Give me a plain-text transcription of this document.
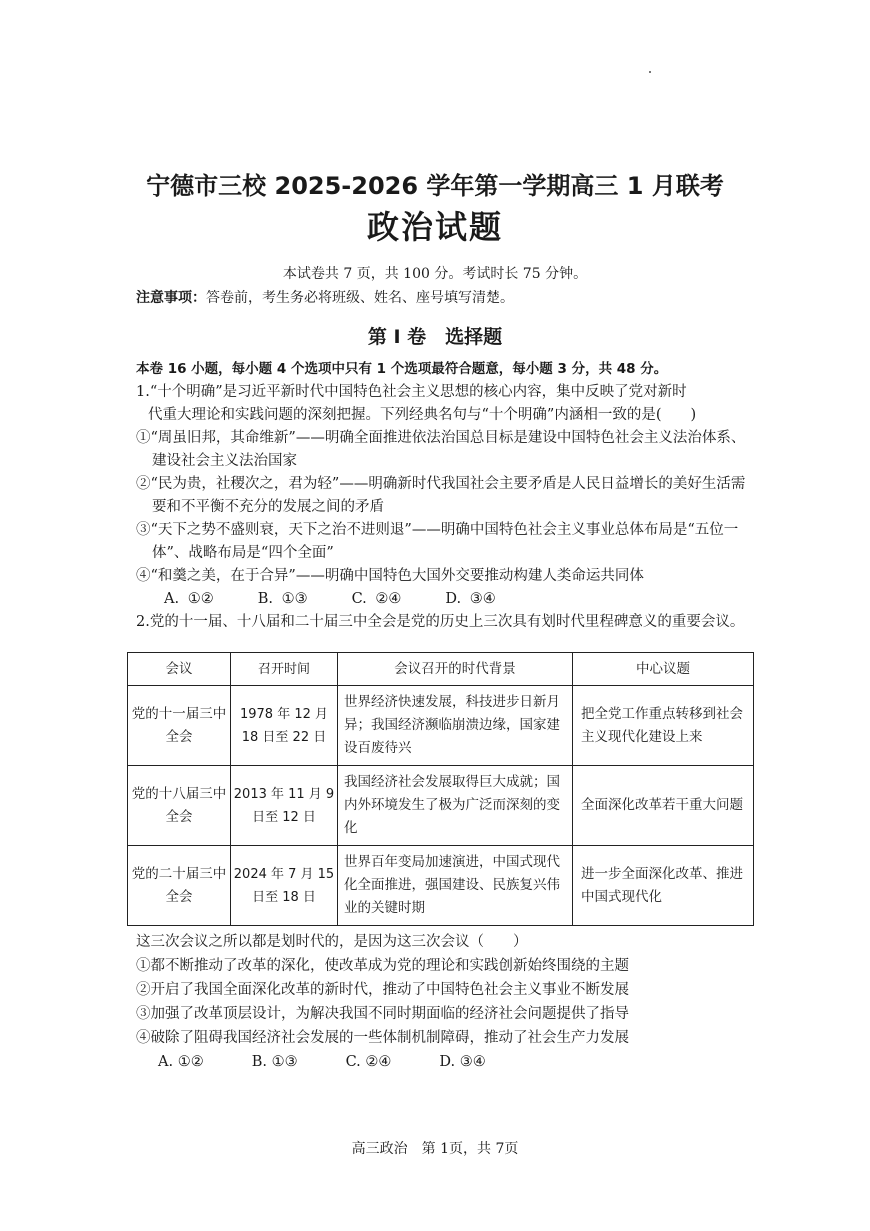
宁德市三校 2025-2026 学年第一学期高三 1 月联考
政治试题
本试卷共 7 页，共 100 分。考试时长 75 分钟。
注意事项：答卷前，考生务必将班级、姓名、座号填写清楚。
第 Ⅰ 卷　选择题
本卷 16 小题，每小题 4 个选项中只有 1 个选项最符合题意，每小题 3 分，共 48 分。
1.“十个明确”是习近平新时代中国特色社会主义思想的核心内容，集中反映了党对新时
代重大理论和实践问题的深刻把握。下列经典名句与“十个明确”内涵相一致的是(　　)
①“周虽旧邦，其命维新”——明确全面推进依法治国总目标是建设中国特色社会主义法治体系、建设社会主义法治国家
②“民为贵，社稷次之，君为轻”——明确新时代我国社会主要矛盾是人民日益增长的美好生活需要和不平衡不充分的发展之间的矛盾
③“天下之势不盛则衰，天下之治不进则退”——明确中国特色社会主义事业总体布局是“五位一体”、战略布局是“四个全面”
④“和羹之美，在于合异”——明确中国特色大国外交要推动构建人类命运共同体
A. ①②	B. ①③	C. ②④	D. ③④
2.党的十一届、十八届和二十届三中全会是党的历史上三次具有划时代里程碑意义的重要会议。
会议	召开时间	会议召开的时代背景	中心议题
党的十一届三中全会	1978 年 12 月 18 日至 22 日	世界经济快速发展，科技进步日新月异；我国经济濒临崩溃边缘，国家建设百废待兴	把全党工作重点转移到社会主义现代化建设上来
党的十八届三中全会	2013 年 11 月 9 日至 12 日	我国经济社会发展取得巨大成就；国内外环境发生了极为广泛而深刻的变化	全面深化改革若干重大问题
党的二十届三中全会	2024 年 7 月 15 日至 18 日	世界百年变局加速演进，中国式现代化全面推进，强国建设、民族复兴伟业的关键时期	进一步全面深化改革、推进中国式现代化
这三次会议之所以都是划时代的，是因为这三次会议（　　）
①都不断推动了改革的深化，使改革成为党的理论和实践创新始终围绕的主题
②开启了我国全面深化改革的新时代，推动了中国特色社会主义事业不断发展
③加强了改革顶层设计，为解决我国不同时期面临的经济社会问题提供了指导
④破除了阻碍我国经济社会发展的一些体制机制障碍，推动了社会生产力发展
A. ①②	B. ①③	C. ②④	D. ③④
高三政治　第 1页，共 7页
